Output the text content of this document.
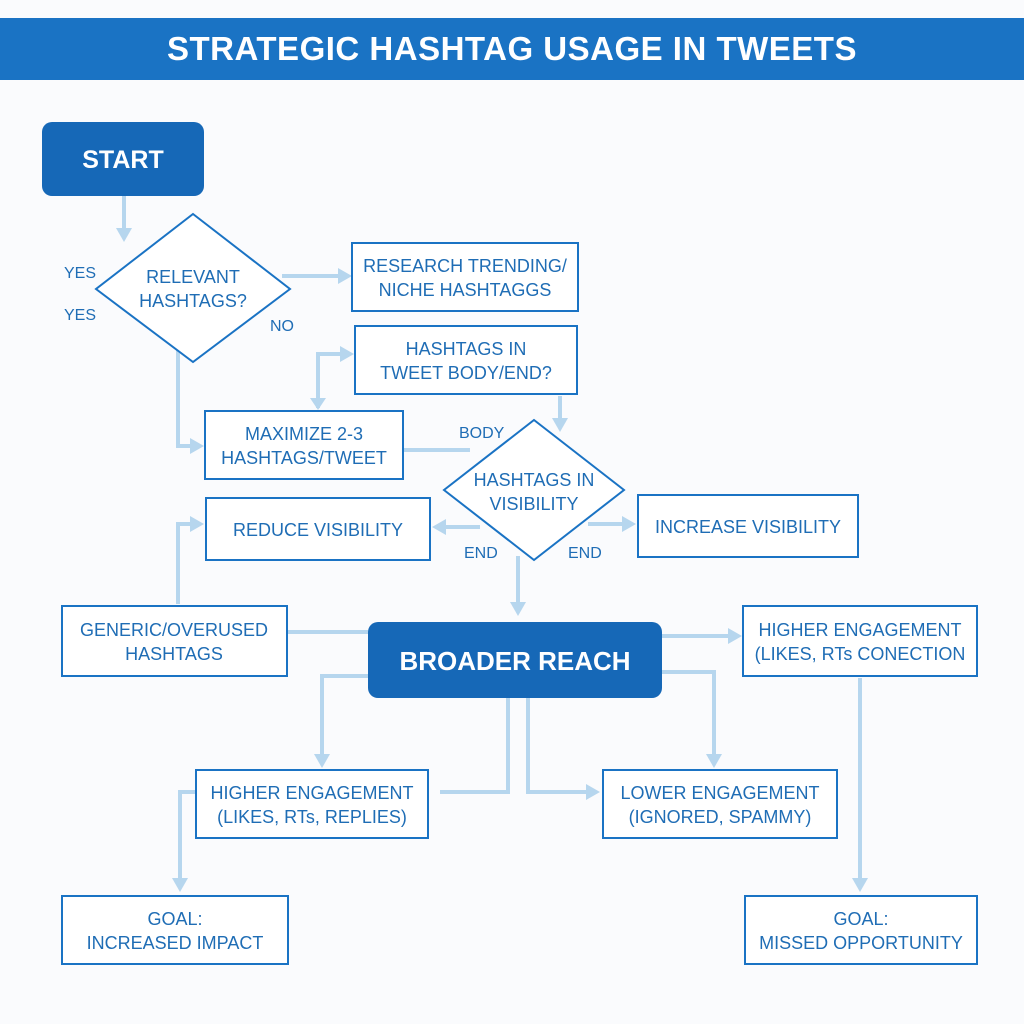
STRATEGIC HASHTAG USAGE IN TWEETS
START
RELEVANT
HASHTAGS?
RESEARCH TRENDING/
NICHE HASHTAGGS
HASHTAGS IN
TWEET BODY/END?
MAXIMIZE 2-3
HASHTAGS/TWEET
HASHTAGS IN
VISIBILITY
REDUCE VISIBILITY	INCREASE VISIBILITY
GENERIC/OVERUSED
HASHTAGS	BROADER REACH
HIGHER ENGAGEMENT
(LIKES, RTs CONECTION
HIGHER ENGAGEMENT
(LIKES, RTs, REPLIES)
LOWER ENGAGEMENT
(IGNORED, SPAMMY)
GOAL:
INCREASED IMPACT
GOAL:
MISSED OPPORTUNITY
YES
YES
NO
BODY
END	END
